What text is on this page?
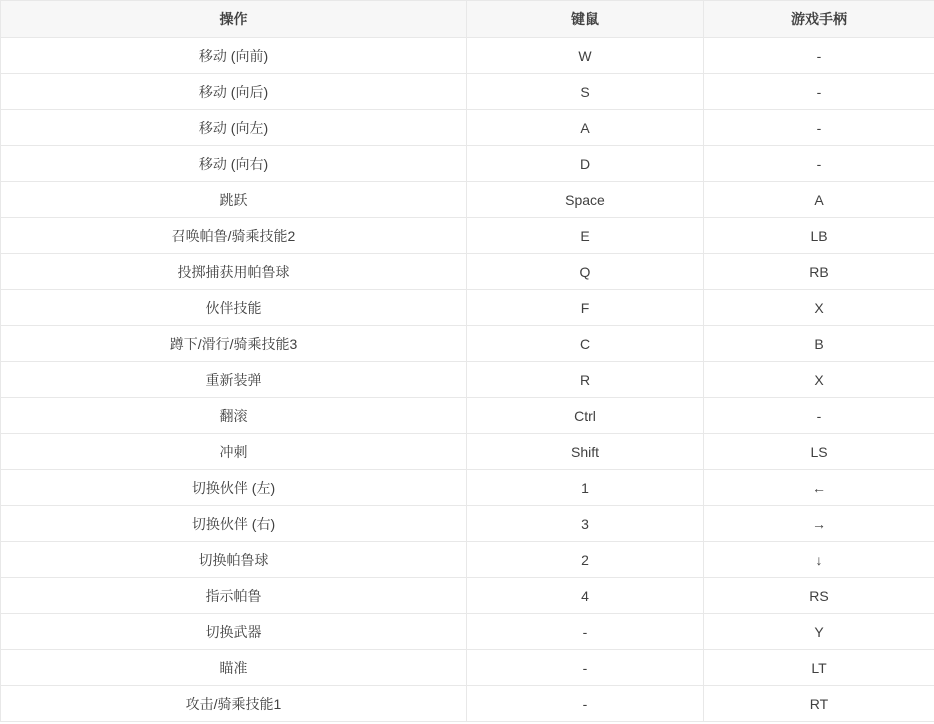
操作	键鼠	游戏手柄
移动 (向前)	W	-
移动 (向后)	S	-
移动 (向左)	A	-
移动 (向右)	D	-
跳跃	Space	A
召唤帕鲁/骑乘技能2	E	LB
投掷捕获用帕鲁球	Q	RB
伙伴技能	F	X
蹲下/滑行/骑乘技能3	C	B
重新装弹	R	X
翻滚	Ctrl	-
冲刺	Shift	LS
切换伙伴 (左)	1	←
切换伙伴 (右)	3	→
切换帕鲁球	2	↓
指示帕鲁	4	RS
切换武器	-	Y
瞄准	-	LT
攻击/骑乘技能1	-	RT
